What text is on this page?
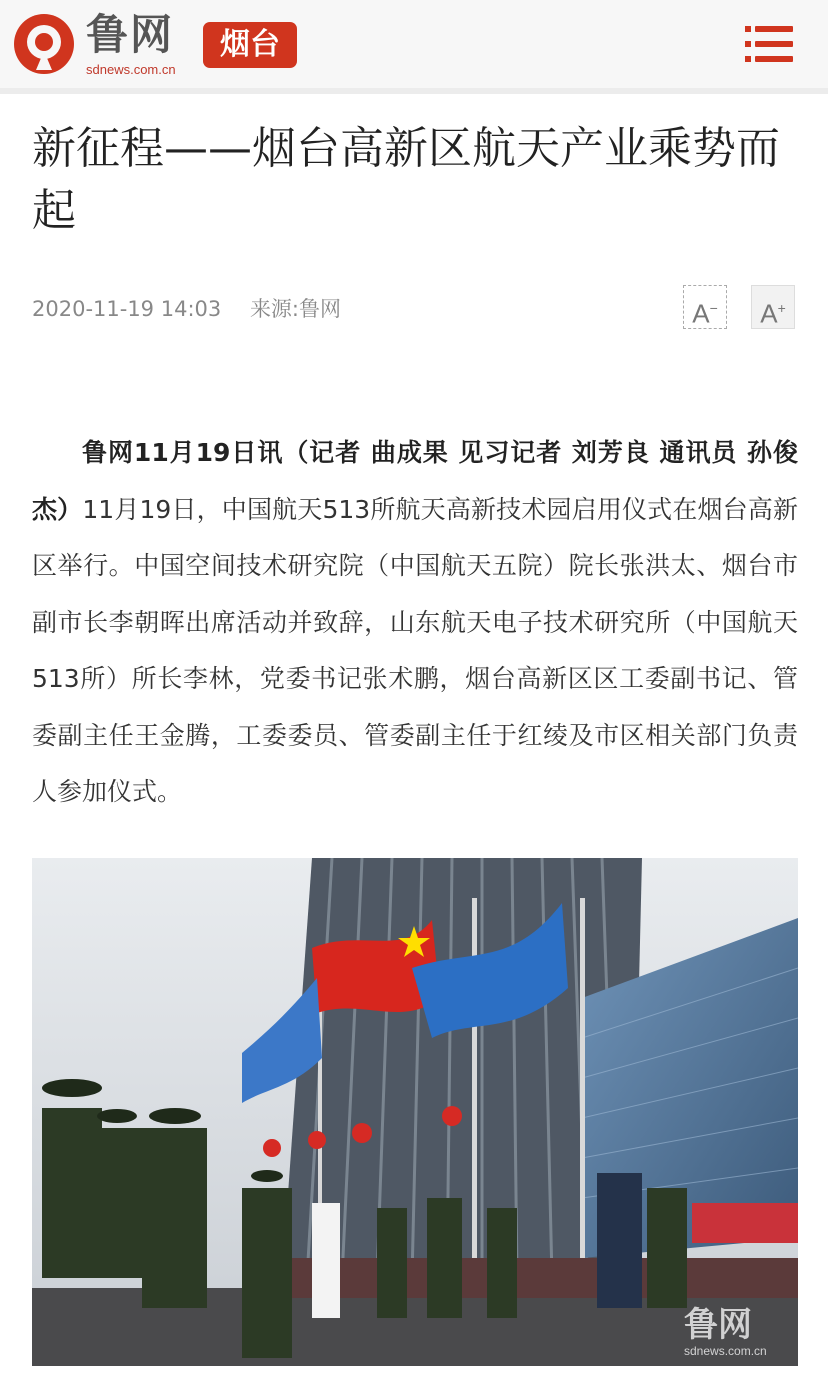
鲁网
sdnews.com.cn
烟台
新征程——烟台高新区航天产业乘势而起
2020-11-19 14:03 来源:鲁网	A−	A+

鲁网11月19日讯（记者 曲成果 见习记者 刘芳良 通讯员 孙俊杰）11月19日，中国航天513所航天高新技术园启用仪式在烟台高新区举行。中国空间技术研究院（中国航天五院）院长张洪太、烟台市副市长李朝晖出席活动并致辞，山东航天电子技术研究所（中国航天513所）所长李林，党委书记张术鹏，烟台高新区区工委副书记、管委副主任王金腾，工委委员、管委副主任于红绫及市区相关部门负责人参加仪式。

鲁网
sdnews.com.cn
